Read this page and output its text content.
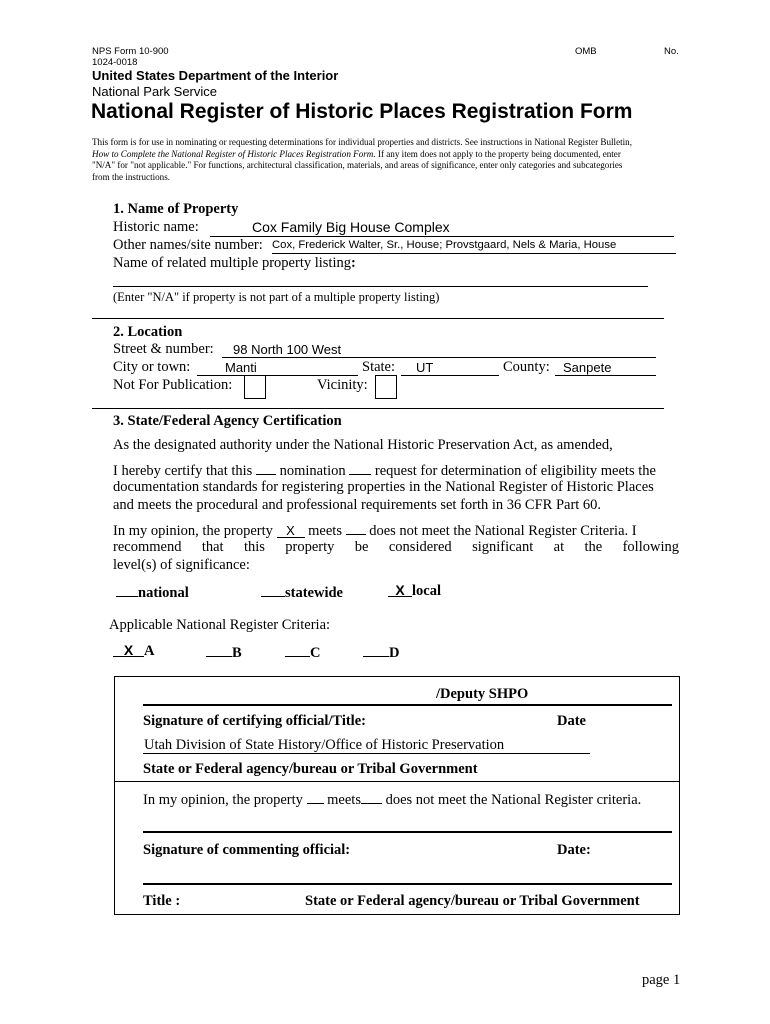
NPS Form 10-900	OMB	No.
1024-0018
United States Department of the Interior
National Park Service
National Register of Historic Places Registration Form
This form is for use in nominating or requesting determinations for individual properties and districts. See instructions in National Register Bulletin,
How to Complete the National Register of Historic Places Registration Form. If any item does not apply to the property being documented, enter
"N/A" for "not applicable." For functions, architectural classification, materials, and areas of significance, enter only categories and subcategories
from the instructions.
1. Name of Property
Historic name:	Cox Family Big House Complex
Other names/site number: Cox, Frederick Walter, Sr., House; Provstgaard, Nels & Maria, House
Name of related multiple property listing:
(Enter "N/A" if property is not part of a multiple property listing)
2. Location
Street & number:	98 North 100 West
City or town:	Manti	State:	UT	County:	Sanpete
Not For Publication:	Vicinity:
3. State/Federal Agency Certification
As the designated authority under the National Historic Preservation Act, as amended,
I hereby certify that this nomination request for determination of eligibility meets the
documentation standards for registering properties in the National Register of Historic Places
and meets the procedural and professional requirements set forth in 36 CFR Part 60.
In my opinion, the property X meets does not meet the National Register Criteria. I
recommend that this property be considered significant at the following
level(s) of significance:
national	statewide	X local
Applicable National Register Criteria:
X A	B	C	D
/Deputy SHPO
Signature of certifying official/Title:	Date
Utah Division of State History/Office of Historic Preservation
State or Federal agency/bureau or Tribal Government
In my opinion, the property meets does not meet the National Register criteria.
Signature of commenting official:	Date:
Title :	State or Federal agency/bureau or Tribal Government
page 1
